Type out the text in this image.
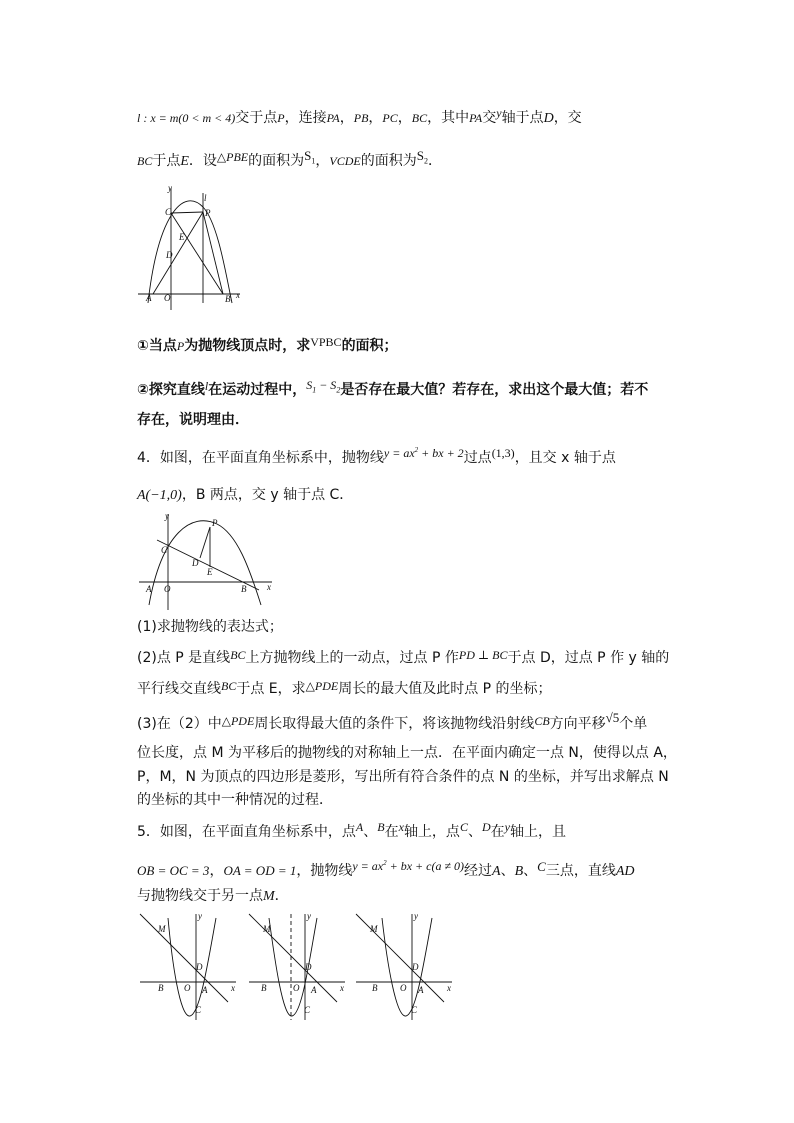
l : x = m(0 < m < 4)交于点P，连接PA，PB，PC，BC，其中PA交y轴于点D，交
BC于点E．设△PBE的面积为$S_1$，VCDE的面积为$S_2$．
y
x
l
C	P
E
D
A O	B
①当点P为抛物线顶点时，求VPBC的面积；
②探究直线l在运动过程中，$S_1 - S_2$是否存在最大值？若存在，求出这个最大值；若不
存在，说明理由．
4．如图，在平面直角坐标系中，抛物线$y = ax^2$ + bx + 2过点(1,3)，且交 x 轴于点
A(−1,0)，B 两点，交 y 轴于点 C．
y
x
P
C
D
E
A O	B
(1)求抛物线的表达式；
(2)点 P 是直线BC上方抛物线上的一动点，过点 P 作PD ⊥ BC于点 D，过点 P 作 y 轴的
平行线交直线BC于点 E，求△PDE周长的最大值及此时点 P 的坐标；
(3)在（2）中△PDE周长取得最大值的条件下，将该抛物线沿射线CB方向平移√5个单
位长度，点 M 为平移后的抛物线的对称轴上一点．在平面内确定一点 N，使得以点 A，
P，M，N 为顶点的四边形是菱形，写出所有符合条件的点 N 的坐标，并写出求解点 N
的坐标的其中一种情况的过程．
5．如图，在平面直角坐标系中，点A、B在x轴上，点C、D在y轴上，且
OB = OC = 3，OA = OD = 1，抛物线$y = ax^2$ + bx + c(a ≠ 0)经过A、B、C三点，直线AD
与抛物线交于另一点M．
y
x
M
D
B O A
C
y
x
M
D
B	O A
C
y
x
M
D
B	O A
C
